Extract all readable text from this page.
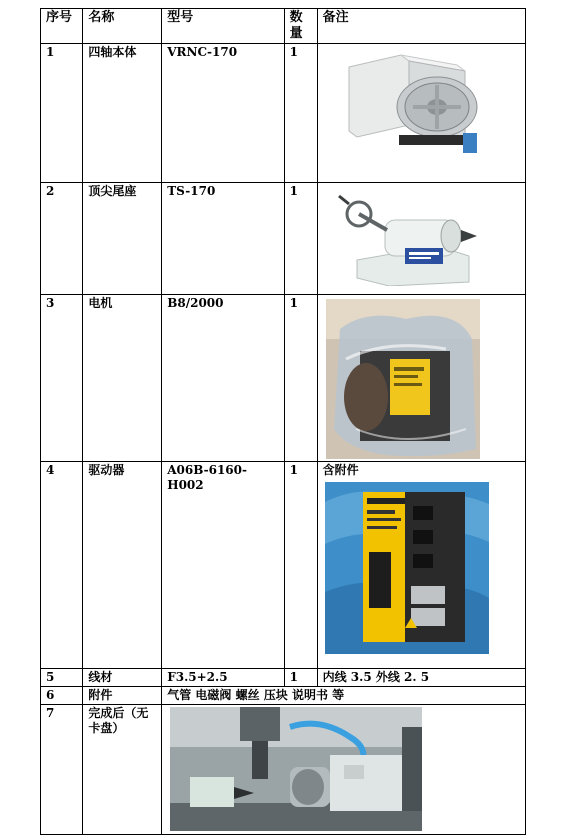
序号	名称	型号	数量	备注
1	四轴本体	VRNC-170	1	

2	顶尖尾座	TS-170	1	

3	电机	B8/2000	1	

4	驱动器	A06B-6160-H002	1	含附件

5	线材	F3.5+2.5	1	内线 3.5 外线 2. 5
6	附件	气管 电磁阀 螺丝 压块 说明书 等		
7	完成后（无卡盘）	
